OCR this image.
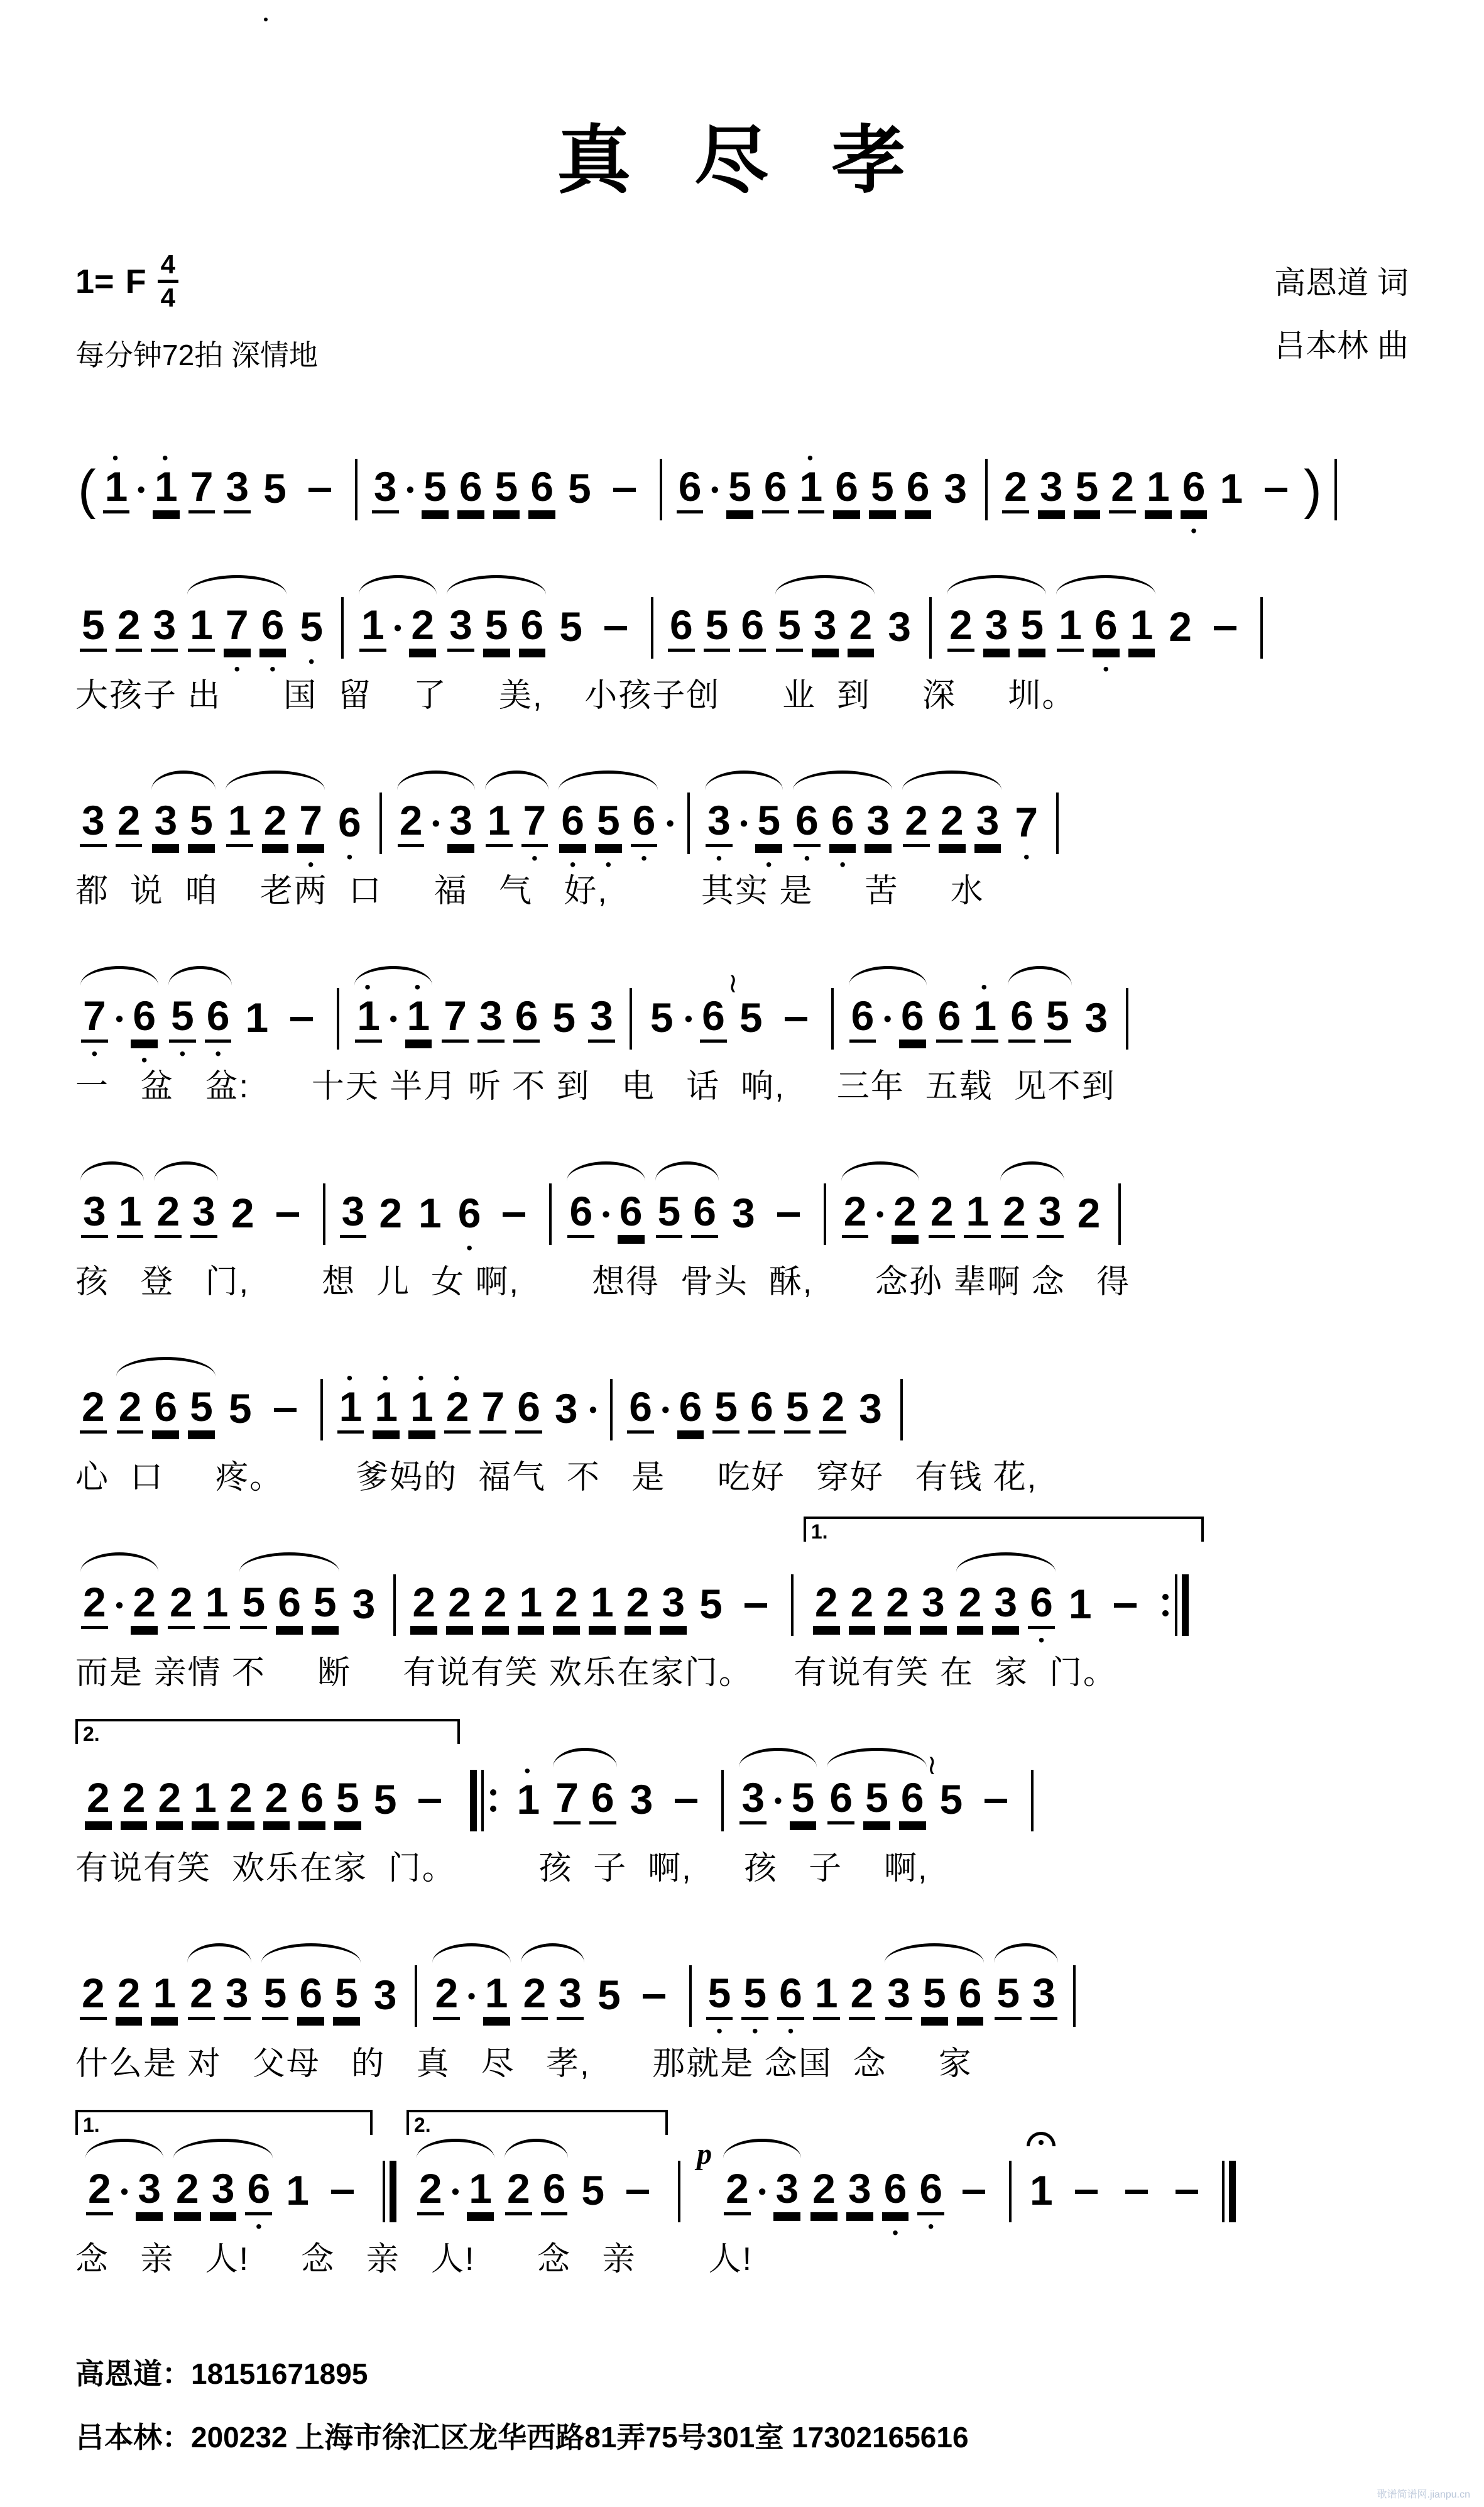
真 尽 孝
1= F $\frac{4}{4}$
每分钟72拍 深情地
高恩道 词
吕本林 曲
( 1
•
• 1
•
7 3 5 3 • 5 6 5 6 5 6 • 5 6 1
•
6 5 6 3 2 3 5 2 1 6
•
1 )
5 2 3 1 7
•
6
•
5
•
1 • 2 3 5 6 5 6 5 6 5 3 2 3 2 3 5 1 6
•
1 2
大孩子 出      国  留    了     美,    小孩子创      业  到     深     圳。
3 2 3 5 1 2 7
•
6
•
2 • 3 1 7
•
6
•
5
•
6
•
• 3
•
• 5
•
6
•
6
•
3 2 2 3 7
•
都  说  咱    老两  口     福   气   好,         其实 是     苦     水
7
•
• 6
•
5
•
6
•
1 1
•
• 1
•
7 3 6 5 3 5 • 6
≀
5 6 • 6 6 1
•
6 5 3
一   盆   盆:      十天 半月 听 不 到   电   话  响,     三年  五载  见不到
3 1 2 3 2 3 2 1 6
•
6 • 6 5 6 3 2 • 2 2 1 2 3 2
孩   登   门,       想  儿  女 啊,       想得  骨头  酥,      念孙 辈啊 念   得
2 2 6 5 5 1
•
1
•
1
•
2
•
7 6 3 • 6 • 6 5 6 5 2 3
心  口     疼。       爹妈的  福气  不   是     吃好   穿好   有钱 花,
2 • 2 2 1 5 6 5 3 2 2 2 1 2 1 2 3 5 2 2 2 3 2 3 6
•
1
1.
而是 亲情 不     断     有说有笑 欢乐在家门。    有说有笑 在  家  门。
2 2 2 1 2 2 6 5 5
2.	1
•
7 6 3 3 • 5 6 5 6
≀
5
有说有笑  欢乐在家  门。        孩  子  啊,     孩   子    啊,
2 2 1 2 3 5 6 5 3 2 • 1 2 3 5 5
•
5
•
6
•
1 2 3 5 6 5 3
什么是 对   父母   的   真   尽   孝,      那就是 念国  念     家
2 • 3 2 3 6
•
1
1.	2 • 1 2 6 5
2.
p
2 • 3 2 3 6
•
6
•
1
念   亲   人!     念   亲   人!      念   亲       人!
高恩道：18151671895
吕本林：200232 上海市徐汇区龙华西路81弄75号301室 17302165616
歌谱简谱网.jianpu.cn
